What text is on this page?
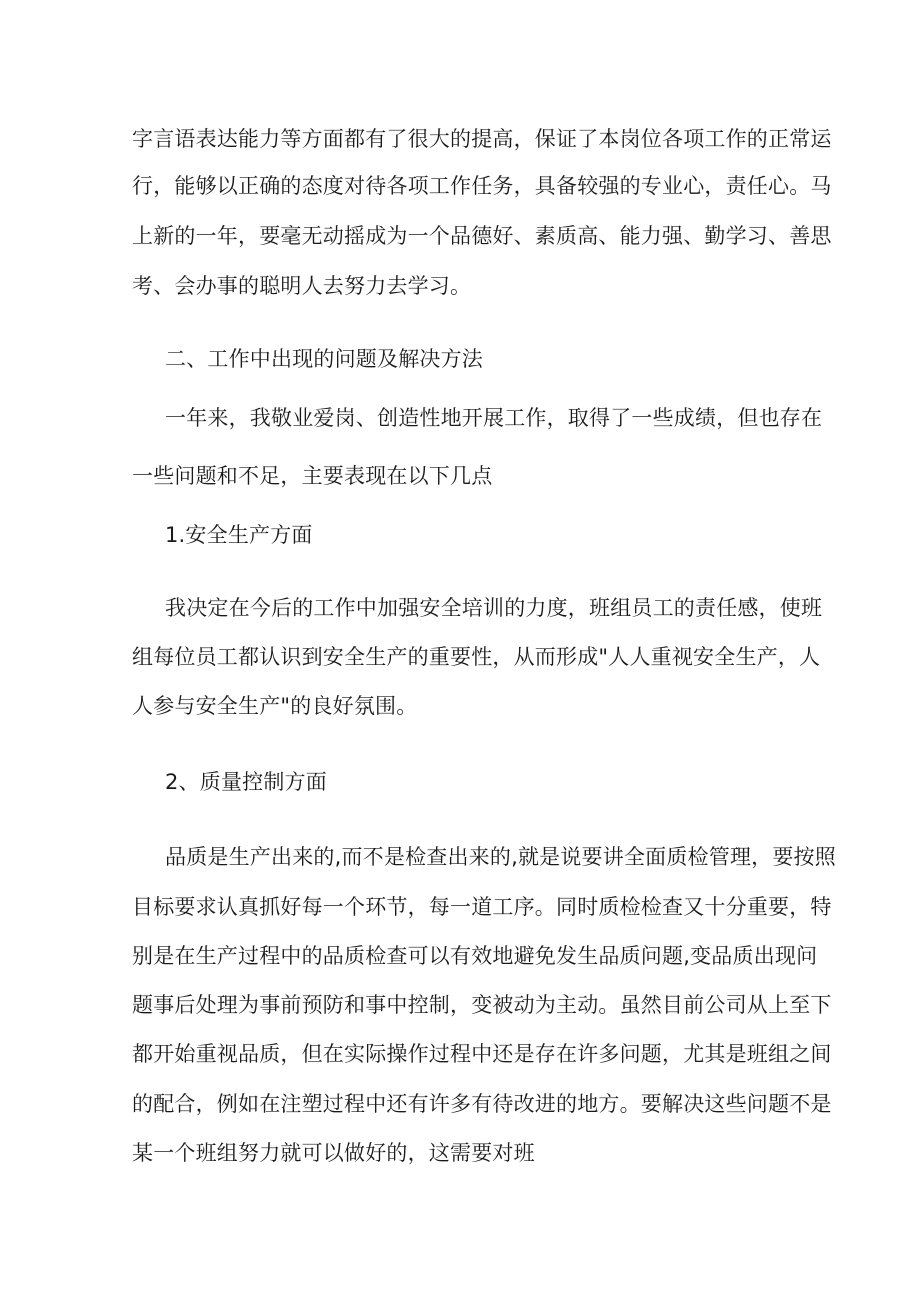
字言语表达能力等方面都有了很大的提高，保证了本岗位各项工作的正常运
行，能够以正确的态度对待各项工作任务，具备较强的专业心，责任心。马
上新的一年，要毫无动摇成为一个品德好、素质高、能力强、勤学习、善思
考、会办事的聪明人去努力去学习。
二、工作中出现的问题及解决方法
一年来，我敬业爱岗、创造性地开展工作，取得了一些成绩，但也存在
一些问题和不足，主要表现在以下几点
1.安全生产方面
我决定在今后的工作中加强安全培训的力度，班组员工的责任感，使班
组每位员工都认识到安全生产的重要性，从而形成"人人重视安全生产，人
人参与安全生产"的良好氛围。
2、质量控制方面
品质是生产出来的,而不是检查出来的,就是说要讲全面质检管理，要按照
目标要求认真抓好每一个环节，每一道工序。同时质检检查又十分重要，特
别是在生产过程中的品质检查可以有效地避免发生品质问题,变品质出现问
题事后处理为事前预防和事中控制，变被动为主动。虽然目前公司从上至下
都开始重视品质，但在实际操作过程中还是存在许多问题，尤其是班组之间
的配合，例如在注塑过程中还有许多有待改进的地方。要解决这些问题不是
某一个班组努力就可以做好的，这需要对班
